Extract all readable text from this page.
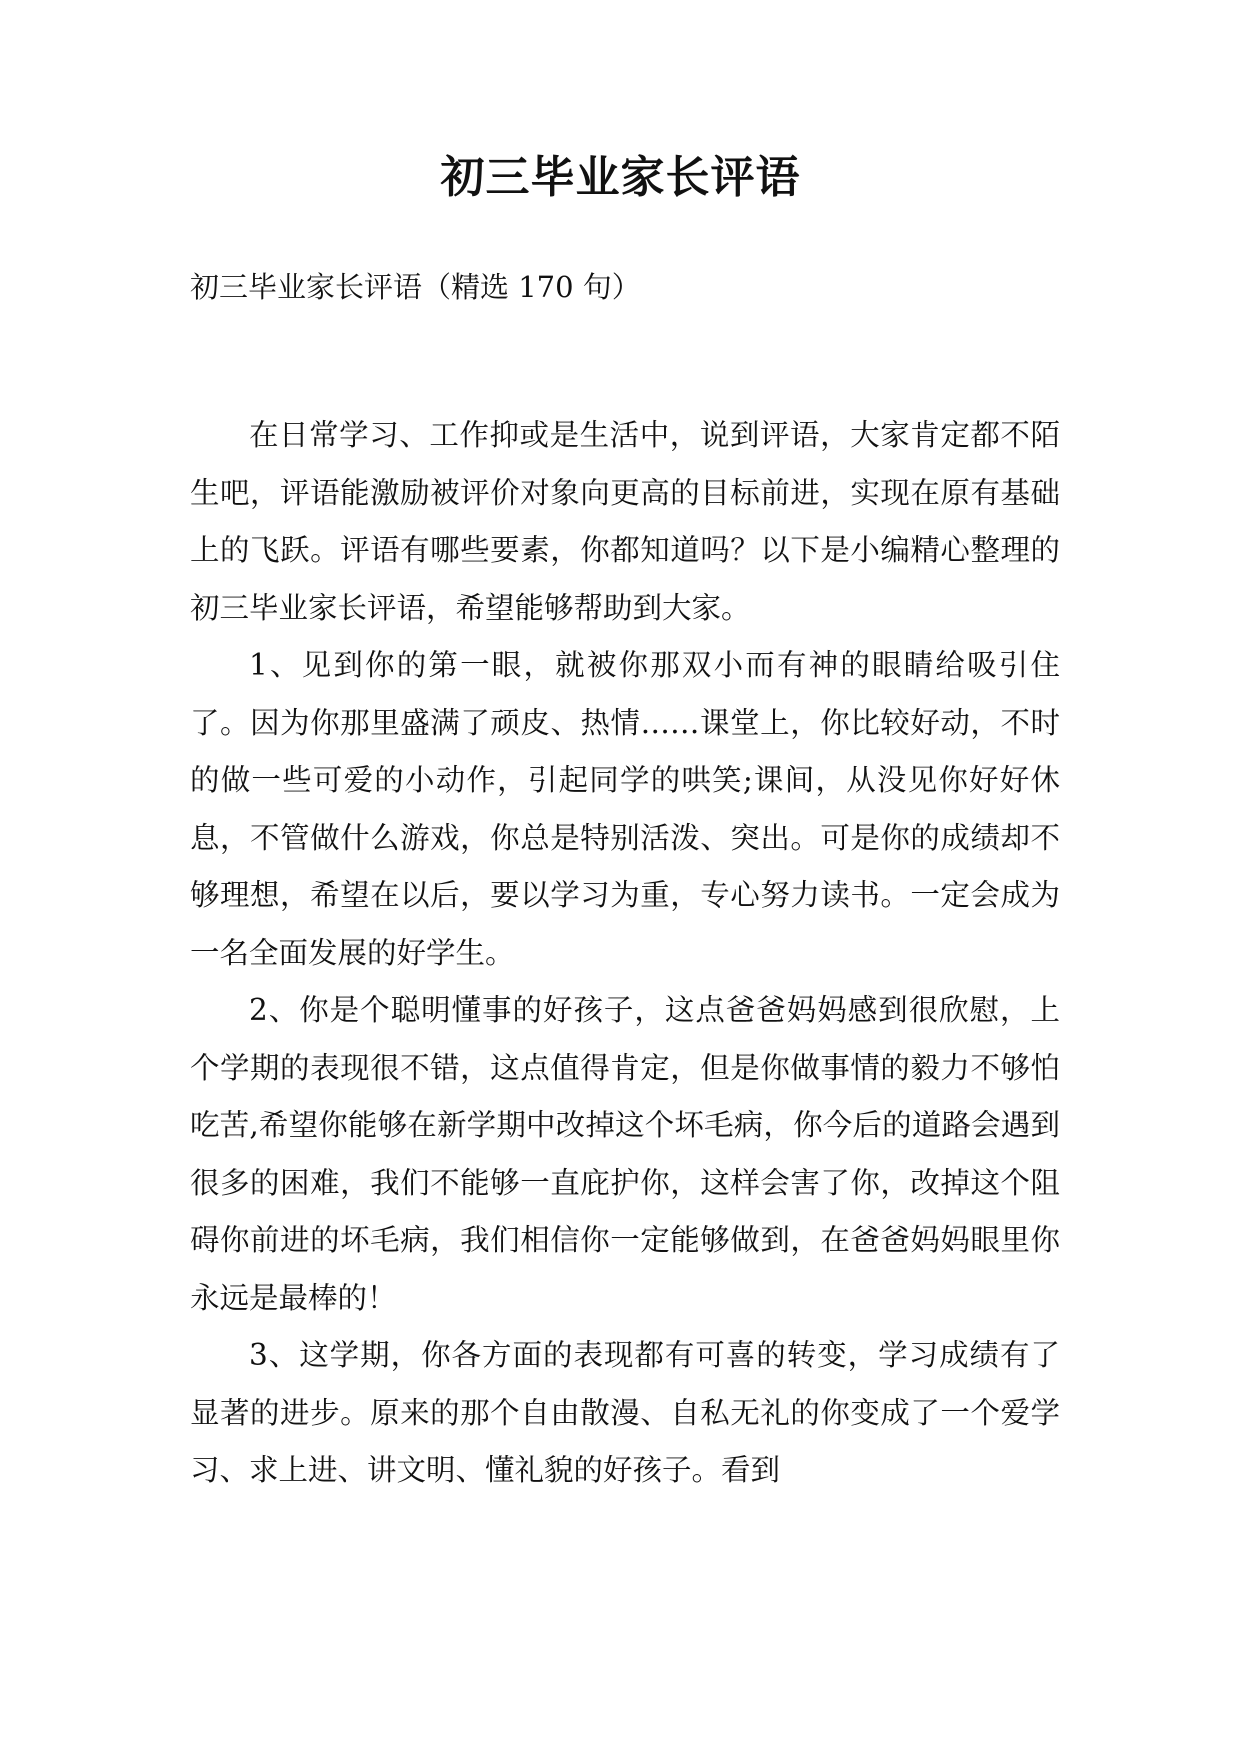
初三毕业家长评语

初三毕业家长评语（精选 170 句）

在日常学习、工作抑或是生活中，说到评语，大家肯定都不陌生吧，评语能激励被评价对象向更高的目标前进，实现在原有基础上的飞跃。评语有哪些要素，你都知道吗？以下是小编精心整理的初三毕业家长评语，希望能够帮助到大家。

1、见到你的第一眼，就被你那双小而有神的眼睛给吸引住了。因为你那里盛满了顽皮、热情……课堂上，你比较好动，不时的做一些可爱的小动作，引起同学的哄笑;课间，从没见你好好休息，不管做什么游戏，你总是特别活泼、突出。可是你的成绩却不够理想，希望在以后，要以学习为重，专心努力读书。一定会成为一名全面发展的好学生。

2、你是个聪明懂事的好孩子，这点爸爸妈妈感到很欣慰，上个学期的表现很不错，这点值得肯定，但是你做事情的毅力不够怕吃苦,希望你能够在新学期中改掉这个坏毛病，你今后的道路会遇到很多的困难，我们不能够一直庇护你，这样会害了你，改掉这个阻碍你前进的坏毛病，我们相信你一定能够做到，在爸爸妈妈眼里你永远是最棒的！

3、这学期，你各方面的表现都有可喜的转变，学习成绩有了显著的进步。原来的那个自由散漫、自私无礼的你变成了一个爱学习、求上进、讲文明、懂礼貌的好孩子。看到
